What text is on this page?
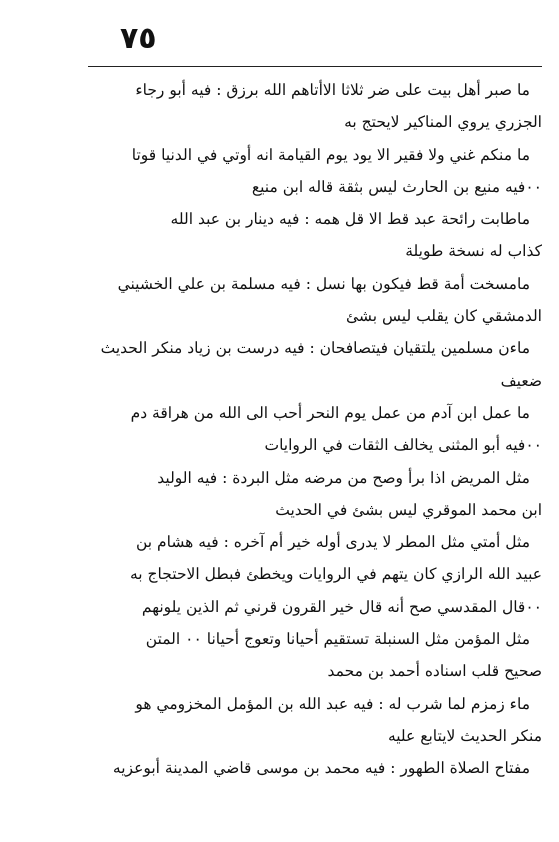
٧٥
ما صبر أهل بيت على ضر ثلاثا الاأتاهم الله برزق : فيه أبو رجاء
الجزري يروي المناكير لايحتج به
ما منكم غني ولا فقير الا يود يوم القيامة انه أوتي في الدنيا قوتا
٠٠فيه منيع بن الحارث ليس بثقة قاله ابن منيع
ماطابت رائحة عبد قط الا قل همه : فيه دينار بن عبد الله
كذاب له نسخة طويلة
مامسخت أمة قط فيكون بها نسل : فيه مسلمة بن علي الخشيني
الدمشقي كان يقلب ليس بشئ
ماءن مسلمين يلتقيان فيتصافحان : فيه درست بن زياد منكر الحديث
ضعيف
ما عمل ابن آدم من عمل يوم النحر أحب الى الله من هراقة دم
٠٠فيه أبو المثنى يخالف الثقات في الروايات
مثل المريض اذا برأ وصح من مرضه مثل البردة : فيه الوليد
ابن محمد الموقري ليس بشئ في الحديث
مثل أمتي مثل المطر لا يدرى أوله خير أم آخره : فيه هشام بن
عبيد الله الرازي كان يتهم في الروايات ويخطئ فبطل الاحتجاج به
٠٠قال المقدسي صح أنه قال خير القرون قرني ثم الذين يلونهم
مثل المؤمن مثل السنبلة تستقيم أحيانا وتعوج أحيانا ٠٠ المتن
صحيح قلب اسناده أحمد بن محمد
ماء زمزم لما شرب له : فيه عبد الله بن المؤمل المخزومي هو
منكر الحديث لايتابع عليه
مفتاح الصلاة الطهور : فيه محمد بن موسى قاضي المدينة أبوعزيه
